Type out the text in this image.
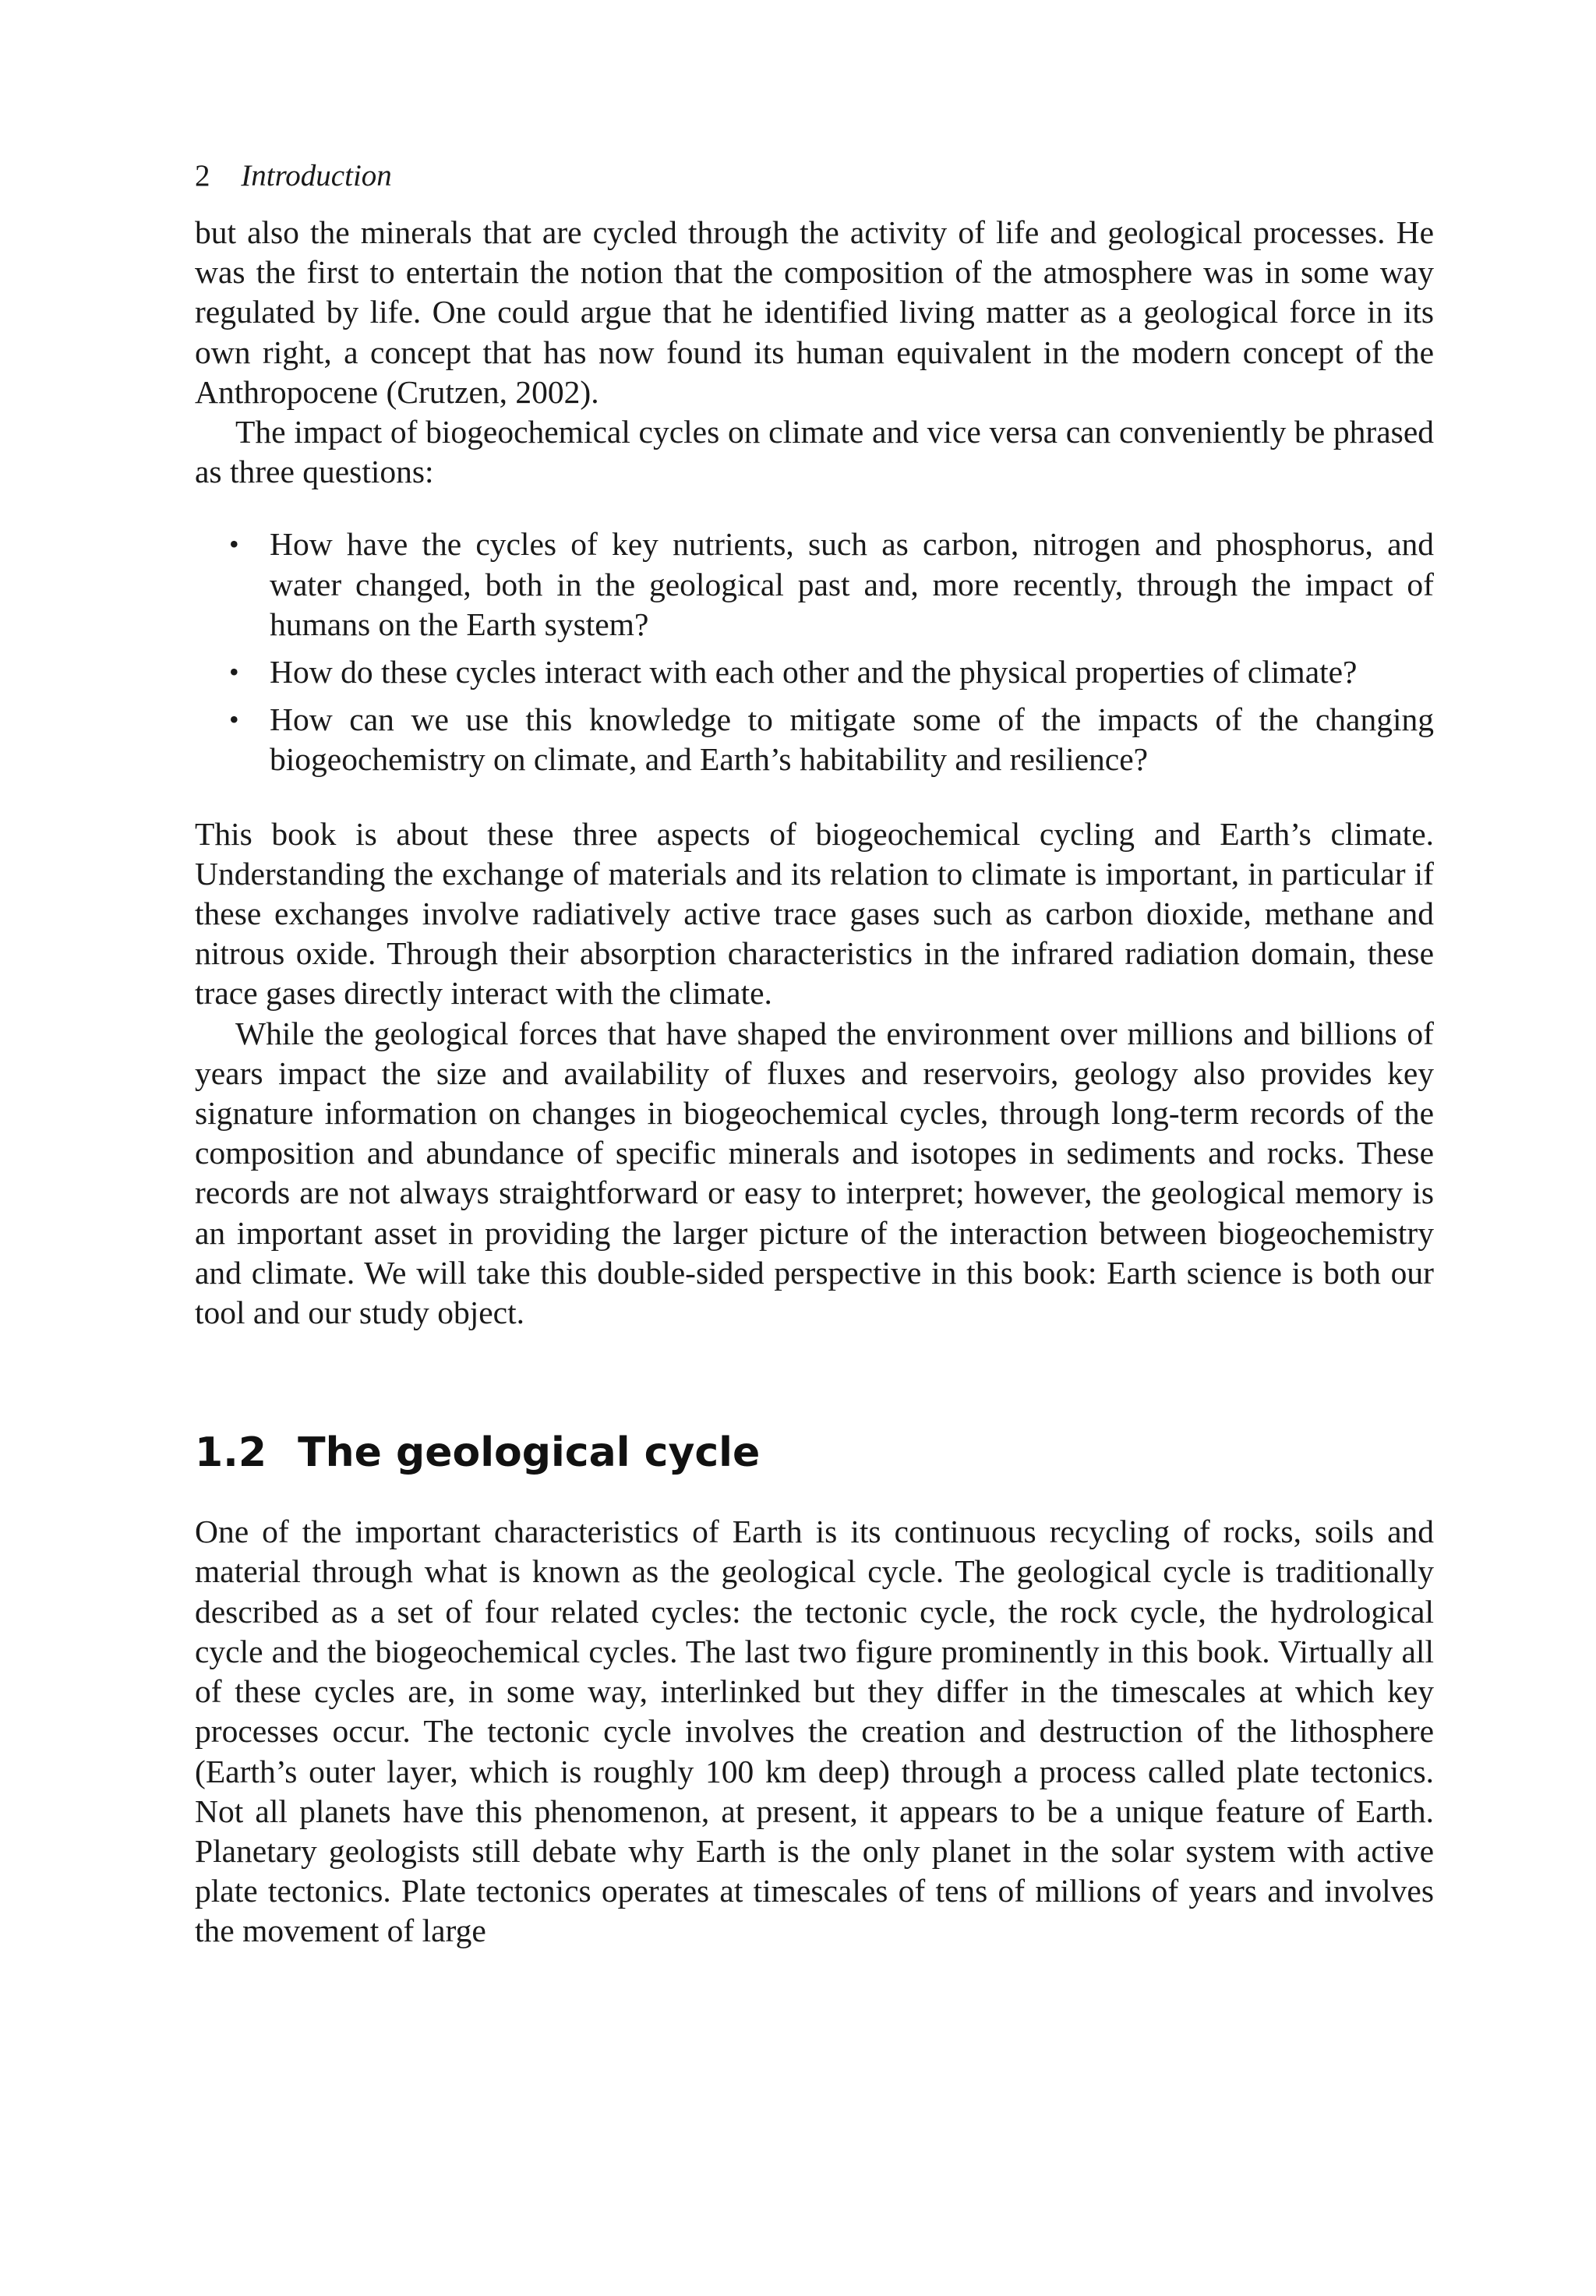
2 Introduction

but also the minerals that are cycled through the activity of life and geological processes. He was the first to entertain the notion that the composition of the atmosphere was in some way regulated by life. One could argue that he identified living matter as a geological force in its own right, a concept that has now found its human equivalent in the modern concept of the Anthropocene (Crutzen, 2002).

The impact of biogeochemical cycles on climate and vice versa can conveniently be phrased as three questions:

• How have the cycles of key nutrients, such as carbon, nitrogen and phosphorus, and water changed, both in the geological past and, more recently, through the impact of humans on the Earth system?
• How do these cycles interact with each other and the physical properties of climate?
• How can we use this knowledge to mitigate some of the impacts of the changing biogeochemistry on climate, and Earth’s habitability and resilience?

This book is about these three aspects of biogeochemical cycling and Earth’s climate. Understanding the exchange of materials and its relation to climate is important, in particular if these exchanges involve radiatively active trace gases such as carbon dioxide, methane and nitrous oxide. Through their absorption characteristics in the infrared radiation domain, these trace gases directly interact with the climate.

While the geological forces that have shaped the environment over millions and billions of years impact the size and availability of fluxes and reservoirs, geology also provides key signature information on changes in biogeochemical cycles, through long-term records of the composition and abundance of specific minerals and isotopes in sediments and rocks. These records are not always straightforward or easy to interpret; however, the geological memory is an important asset in providing the larger picture of the interaction between biogeochemistry and climate. We will take this double-sided perspective in this book: Earth science is both our tool and our study object.

1.2 The geological cycle

One of the important characteristics of Earth is its continuous recycling of rocks, soils and material through what is known as the geological cycle. The geological cycle is traditionally described as a set of four related cycles: the tectonic cycle, the rock cycle, the hydrological cycle and the biogeochemical cycles. The last two figure prominently in this book. Virtually all of these cycles are, in some way, interlinked but they differ in the timescales at which key processes occur. The tectonic cycle involves the creation and destruction of the lithosphere (Earth’s outer layer, which is roughly 100 km deep) through a process called plate tectonics. Not all planets have this phenomenon, at present, it appears to be a unique feature of Earth. Planetary geologists still debate why Earth is the only planet in the solar system with active plate tectonics. Plate tectonics operates at timescales of tens of millions of years and involves the movement of large
